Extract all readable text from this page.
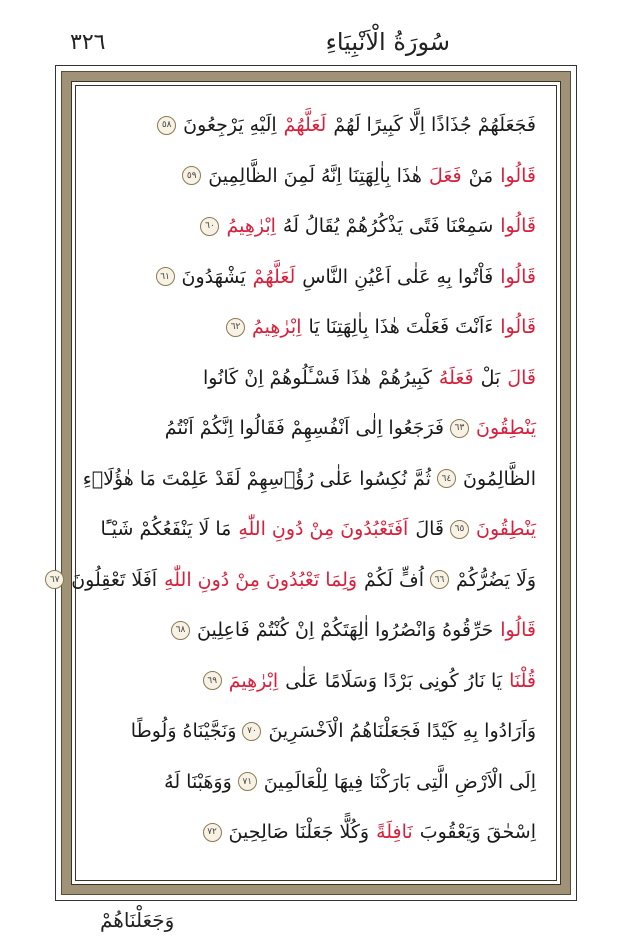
٣٢٦	سُورَةُ الْاَنْبِيَاءِ
فَجَعَلَهُمْ جُذَاذًا اِلَّا كَبِيرًا لَهُمْ
لَعَلَّهُمْ
اِلَيْهِ يَرْجِعُونَ
٥٨
قَالُوا
مَنْ
فَعَلَ
هٰذَا بِاٰلِهَتِنَا اِنَّهُ لَمِنَ الظَّالِمِينَ
٥٩
قَالُوا
سَمِعْنَا فَتًى يَذْكُرُهُمْ يُقَالُ لَهُ
اِبْرٰهِيمُ
٦٠
قَالُوا
فَاْتُوا بِهِ عَلٰى اَعْيُنِ النَّاسِ
لَعَلَّهُمْ
يَشْهَدُونَ
٦١
قَالُوا
ءَاَنْتَ فَعَلْتَ هٰذَا بِاٰلِهَتِنَا يَا
اِبْرٰهِيمُ
٦٢
قَالَ
بَلْ
فَعَلَهُ
كَبِيرُهُمْ
هٰذَا فَسْـَٔلُوهُمْ اِنْ كَانُوا
يَنْطِقُونَ
٦٣
فَرَجَعُوا اِلٰى اَنْفُسِهِمْ فَقَالُوا اِنَّكُمْ اَنْتُمُ
الظَّالِمُونَ
٦٤
ثُمَّ نُكِسُوا عَلٰى رُؤُ۫سِهِمْ لَقَدْ عَلِمْتَ مَا هٰؤُلَاۤءِ
يَنْطِقُونَ
٦٥
قَالَ
اَفَتَعْبُدُونَ مِنْ دُونِ اللّٰهِ
مَا لَا يَنْفَعُكُمْ شَيْـًٔا
وَلَا يَضُرُّكُمْ
٦٦
اُفٍّ لَكُمْ
وَلِمَا تَعْبُدُونَ مِنْ دُونِ اللّٰهِ
اَفَلَا تَعْقِلُونَ
٦٧
قَالُوا
حَرِّقُوهُ وَانْصُرُوا اٰلِهَتَكُمْ اِنْ كُنْتُمْ فَاعِلِينَ
٦٨
قُلْنَا
يَا نَارُ كُونِى بَرْدًا وَسَلَامًا عَلٰى
اِبْرٰهِيمَ
٦٩
وَاَرَادُوا بِهِ كَيْدًا فَجَعَلْنَاهُمُ الْاَخْسَرِينَ
٧٠
وَنَجَّيْنَاهُ وَلُوطًا
اِلَى الْاَرْضِ الَّتِى بَارَكْنَا فِيهَا لِلْعَالَمِينَ
٧١
وَوَهَبْنَا لَهُ
اِسْحٰقَ وَيَعْقُوبَ
نَافِلَةً
وَكُلًّا جَعَلْنَا صَالِحِينَ
٧٢
وَجَعَلْنَاهُمْ
